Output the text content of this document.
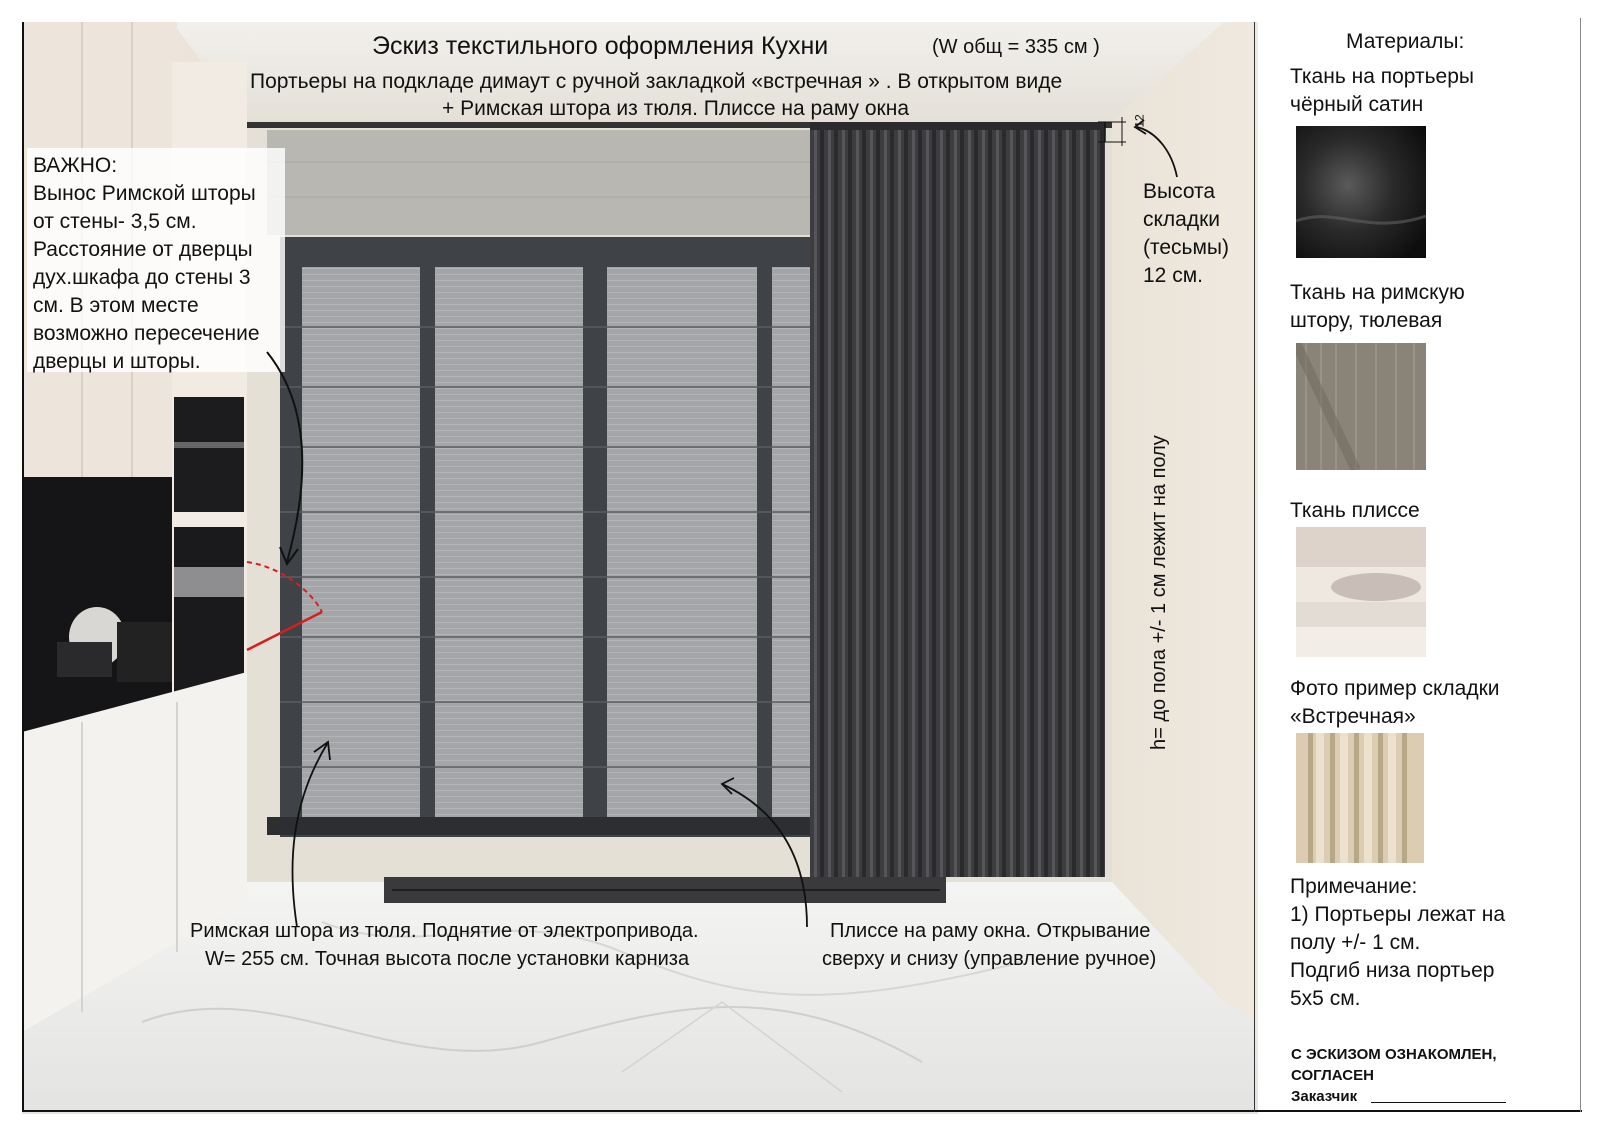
Эскиз текстильного оформления Кухни	(W общ = 335 см )
Портьеры на подкладе димаут с ручной закладкой «встречная » . В открытом виде
+ Римская штора из тюля. Плиссе на раму окна
ВАЖНО:
Вынос Римской шторы
от стены- 3,5 см.
Расстояние от дверцы
дух.шкафа до стены 3
см. В этом месте
возможно пересечение
дверцы и шторы.
12
Высота
складки
(тесьмы)
12 см.
h= до пола +/- 1 см лежит на полу
Римская штора из тюля. Поднятие от электропривода.
W= 255 см. Точная высота после установки карниза
Плиссе на раму окна. Открывание
сверху и снизу (управление ручное)
Материалы:
Ткань на портьеры
чёрный сатин
Ткань на римскую
штору, тюлевая
Ткань плиссе
Фото пример складки
«Встречная»
Примечание:
1) Портьеры лежат на
полу +/- 1 см.
Подгиб низа портьер
5х5 см.
С ЭСКИЗОМ ОЗНАКОМЛЕН,
СОГЛАСЕН
Заказчик
